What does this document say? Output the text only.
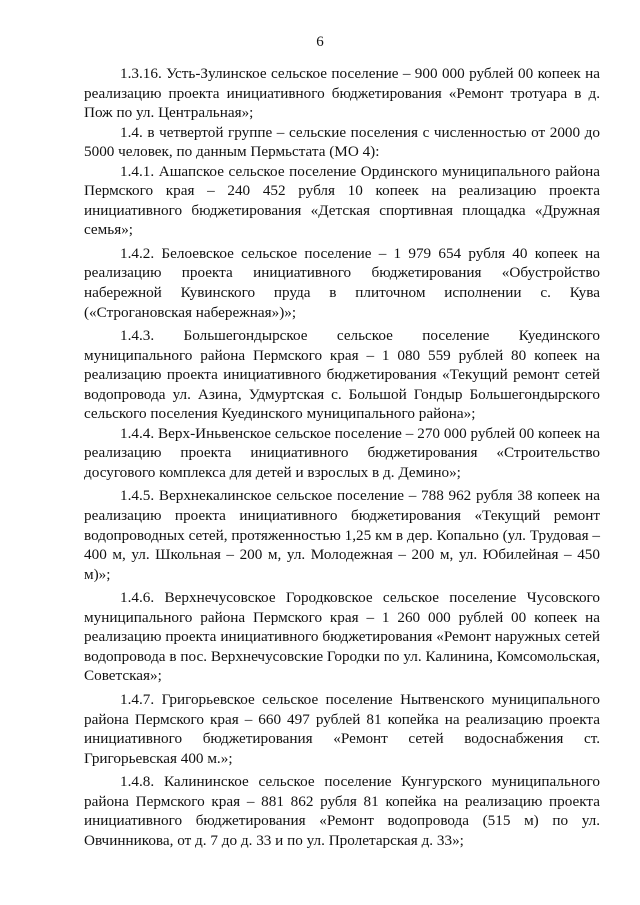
6

1.3.16. Усть-Зулинское сельское поселение – 900 000 рублей 00 копеек на реализацию проекта инициативного бюджетирования «Ремонт тротуара в д. Пож по ул. Центральная»;

1.4. в четвертой группе – сельские поселения с численностью от 2000 до 5000 человек, по данным Пермьстата (МО 4):

1.4.1. Ашапское сельское поселение Ординского муниципального района Пермского края – 240 452 рубля 10 копеек на реализацию проекта инициативного бюджетирования «Детская спортивная площадка «Дружная семья»;

1.4.2. Белоевское сельское поселение – 1 979 654 рубля 40 копеек на реализацию проекта инициативного бюджетирования «Обустройство набережной Кувинского пруда в плиточном исполнении с. Кува («Строгановская набережная»)»;

1.4.3. Большегондырское сельское поселение Куединского муниципального района Пермского края – 1 080 559 рублей 80 копеек на реализацию проекта инициативного бюджетирования «Текущий ремонт сетей водопровода ул. Азина, Удмуртская с. Большой Гондыр Большегондырского сельского поселения Куединского муниципального района»;

1.4.4. Верх-Иньвенское сельское поселение – 270 000 рублей 00 копеек на реализацию проекта инициативного бюджетирования «Строительство досугового комплекса для детей и взрослых в д. Демино»;

1.4.5. Верхнекалинское сельское поселение – 788 962 рубля 38 копеек на реализацию проекта инициативного бюджетирования «Текущий ремонт водопроводных сетей, протяженностью 1,25 км в дер. Копально (ул. Трудовая – 400 м, ул. Школьная – 200 м, ул. Молодежная – 200 м, ул. Юбилейная – 450 м)»;

1.4.6. Верхнечусовское Городковское сельское поселение Чусовского муниципального района Пермского края – 1 260 000 рублей 00 копеек на реализацию проекта инициативного бюджетирования «Ремонт наружных сетей водопровода в пос. Верхнечусовские Городки по ул. Калинина, Комсомольская, Советская»;

1.4.7. Григорьевское сельское поселение Нытвенского муниципального района Пермского края – 660 497 рублей 81 копейка на реализацию проекта инициативного бюджетирования «Ремонт сетей водоснабжения ст. Григорьевская 400 м.»;

1.4.8. Калининское сельское поселение Кунгурского муниципального района Пермского края – 881 862 рубля 81 копейка на реализацию проекта инициативного бюджетирования «Ремонт водопровода (515 м) по ул. Овчинникова, от д. 7 до д. 33 и по ул. Пролетарская д. 33»;
